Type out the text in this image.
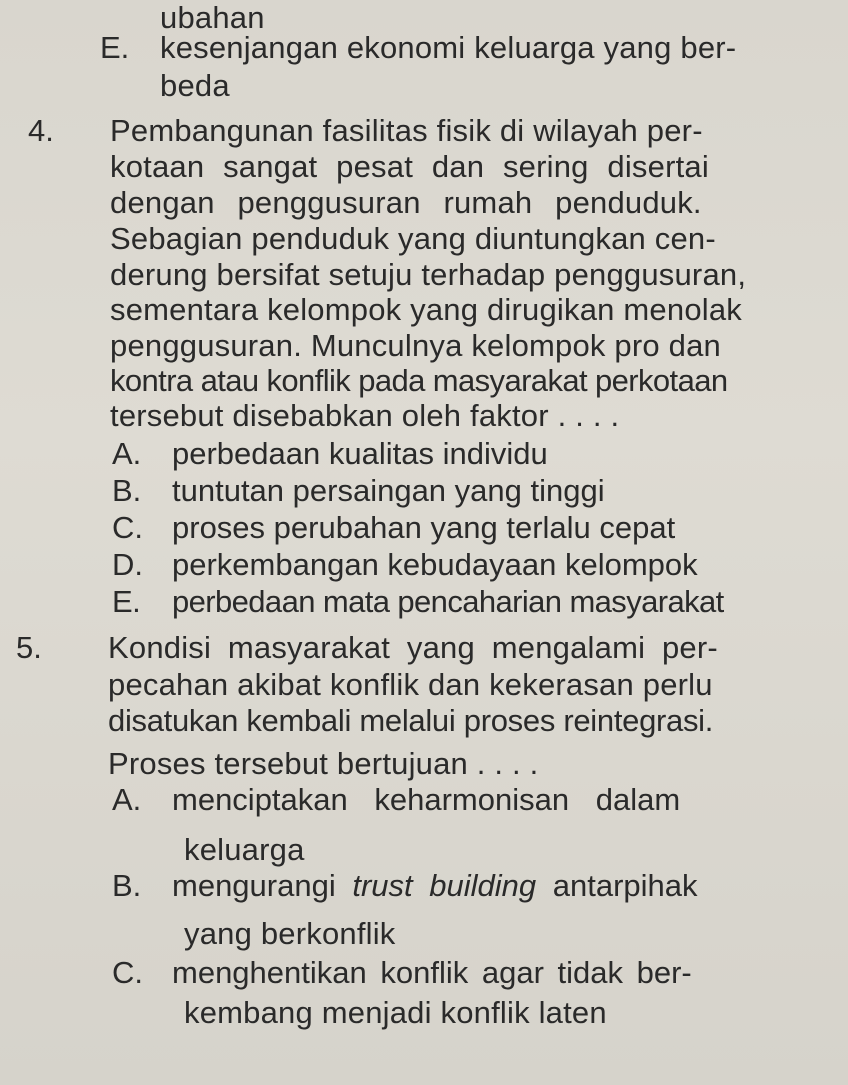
ubahan
E. kesenjangan ekonomi keluarga yang ber-
beda
4. Pembangunan fasilitas fisik di wilayah per-
kotaan sangat pesat dan sering disertai
dengan penggusuran rumah penduduk.
Sebagian penduduk yang diuntungkan cen-
derung bersifat setuju terhadap penggusuran,
sementara kelompok yang dirugikan menolak
penggusuran. Munculnya kelompok pro dan
kontra atau konflik pada masyarakat perkotaan
tersebut disebabkan oleh faktor . . . .
A. perbedaan kualitas individu
B. tuntutan persaingan yang tinggi
C. proses perubahan yang terlalu cepat
D. perkembangan kebudayaan kelompok
E. perbedaan mata pencaharian masyarakat
5. Kondisi masyarakat yang mengalami per-
pecahan akibat konflik dan kekerasan perlu
disatukan kembali melalui proses reintegrasi.
Proses tersebut bertujuan . . . .
A. menciptakan keharmonisan dalam
keluarga
B. mengurangi trust building antarpihak
yang berkonflik
C. menghentikan konflik agar tidak ber-
kembang menjadi konflik laten
